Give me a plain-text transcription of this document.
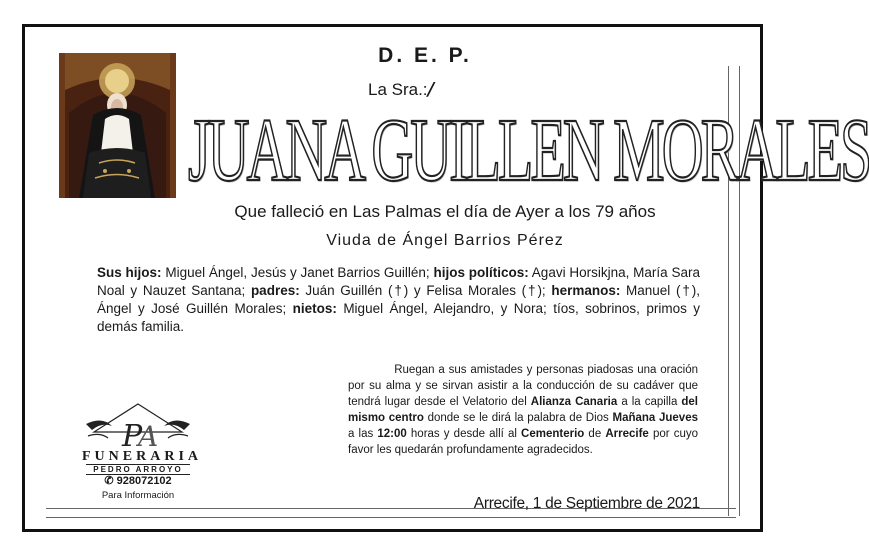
D. E. P.
La Sra.:/
JUANA GUILLEN MORALES
Que falleció en Las Palmas el día de Ayer a los 79 años
Viuda de Ángel Barrios Pérez
Sus hijos: Miguel Ángel, Jesús y Janet Barrios Guillén; hijos políticos: Agavi Horsikjna, María Sara Noal y Nauzet Santana; padres: Juán Guillén (†) y Felisa Morales (†); hermanos: Manuel (†), Ángel y José Guillén Morales; nietos: Miguel Ángel, Alejandro, y Nora; tíos, sobrinos, primos y demás familia.
Ruegan a sus amistades y personas piadosas una oración por su alma y se sirvan asistir a la conducción de su cadáver que tendrá lugar desde el Velatorio del Alianza Canaria a la capilla del mismo centro donde se le dirá la palabra de Dios Mañana Jueves a las 12:00 horas y desde allí al Cementerio de Arrecife por cuyo favor les quedarán profundamente agradecidos.
P
A
FUNERARIA
PEDRO ARROYO
✆ 928072102
Para Información	Arrecife, 1 de Septiembre de 2021
